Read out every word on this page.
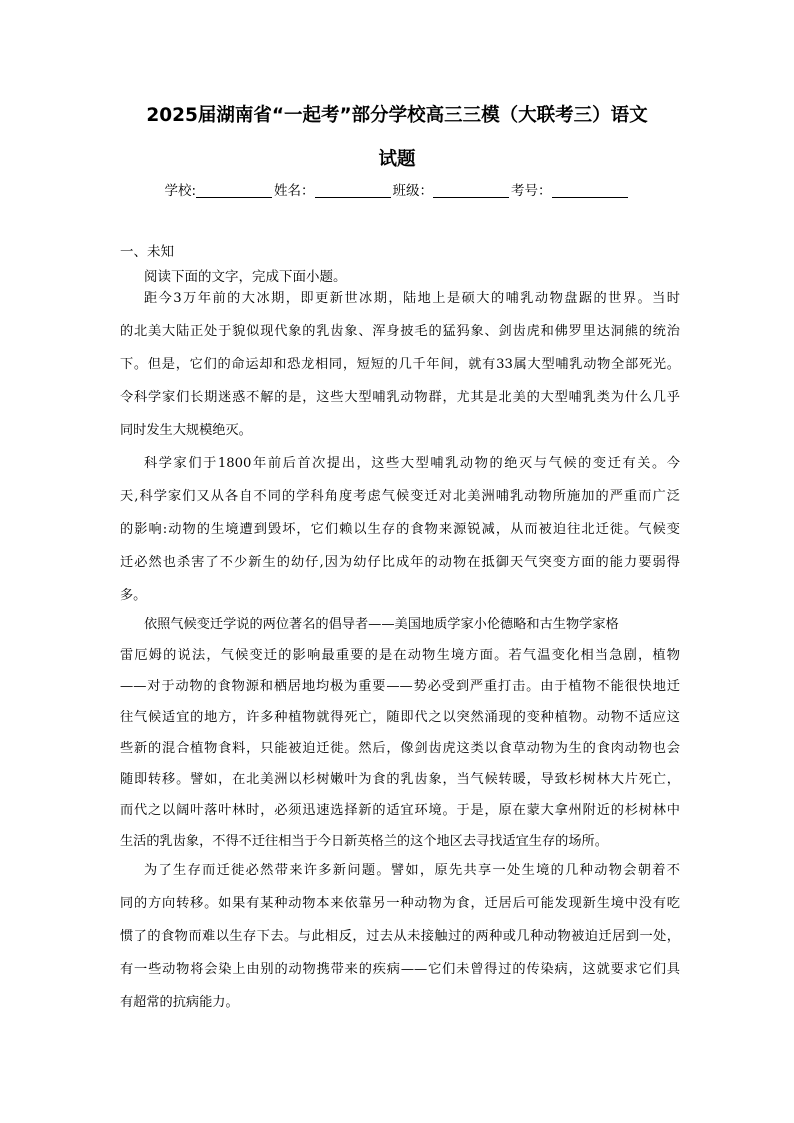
2025届湖南省“一起考”部分学校高三三模（大联考三）语文
试题
学校:	姓名：	班级：	考号：
一、未知
阅读下面的文字，完成下面小题。
距今3万年前的大冰期，即更新世冰期，陆地上是硕大的哺乳动物盘踞的世界。当时
的北美大陆正处于貌似现代象的乳齿象、浑身披毛的猛犸象、剑齿虎和佛罗里达洞熊的统治
下。但是，它们的命运却和恐龙相同，短短的几千年间，就有33属大型哺乳动物全部死光。
令科学家们长期迷惑不解的是，这些大型哺乳动物群，尤其是北美的大型哺乳类为什么几乎
同时发生大规模绝灭。
科学家们于1800年前后首次提出，这些大型哺乳动物的绝灭与气候的变迁有关。今
天,科学家们又从各自不同的学科角度考虑气候变迁对北美洲哺乳动物所施加的严重而广泛
的影响:动物的生境遭到毁坏，它们赖以生存的食物来源锐减，从而被迫往北迁徙。气候变
迁必然也杀害了不少新生的幼仔,因为幼仔比成年的动物在抵御天气突变方面的能力要弱得
多。
依照气候变迁学说的两位著名的倡导者——美国地质学家小伦德略和古生物学家格
雷厄姆的说法，气候变迁的影响最重要的是在动物生境方面。若气温变化相当急剧，植物
——对于动物的食物源和栖居地均极为重要——势必受到严重打击。由于植物不能很快地迁
往气候适宜的地方，许多种植物就得死亡，随即代之以突然涌现的变种植物。动物不适应这
些新的混合植物食料，只能被迫迁徙。然后，像剑齿虎这类以食草动物为生的食肉动物也会
随即转移。譬如，在北美洲以杉树嫩叶为食的乳齿象，当气候转暖，导致杉树林大片死亡，
而代之以阔叶落叶林时，必须迅速选择新的适宜环境。于是，原在蒙大拿州附近的杉树林中
生活的乳齿象，不得不迁往相当于今日新英格兰的这个地区去寻找适宜生存的场所。
为了生存而迁徙必然带来许多新问题。譬如，原先共享一处生境的几种动物会朝着不
同的方向转移。如果有某种动物本来依靠另一种动物为食，迁居后可能发现新生境中没有吃
惯了的食物而难以生存下去。与此相反，过去从未接触过的两种或几种动物被迫迁居到一处，
有一些动物将会染上由别的动物携带来的疾病——它们未曾得过的传染病，这就要求它们具
有超常的抗病能力。
